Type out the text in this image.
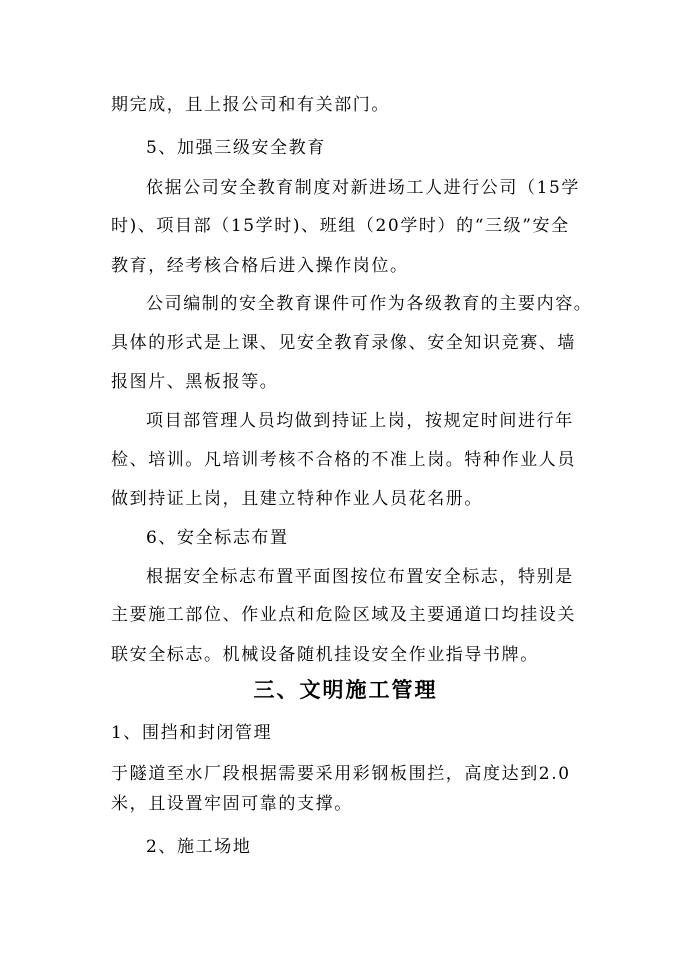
期完成，且上报公司和有关部门。
5、加强三级安全教育
依据公司安全教育制度对新进场工人进行公司（15学
时)、项目部（15学时)、班组（20学时）的“三级”安全
教育，经考核合格后进入操作岗位。
公司编制的安全教育课件可作为各级教育的主要内容。
具体的形式是上课、见安全教育录像、安全知识竞赛、墙
报图片、黑板报等。
项目部管理人员均做到持证上岗，按规定时间进行年
检、培训。凡培训考核不合格的不准上岗。特种作业人员
做到持证上岗，且建立特种作业人员花名册。
6、安全标志布置
根据安全标志布置平面图按位布置安全标志，特别是
主要施工部位、作业点和危险区域及主要通道口均挂设关
联安全标志。机械设备随机挂设安全作业指导书牌。
三、文明施工管理
1、围挡和封闭管理
于隧道至水厂段根据需要采用彩钢板围拦，高度达到2.0
米，且设置牢固可靠的支撑。
2、施工场地
